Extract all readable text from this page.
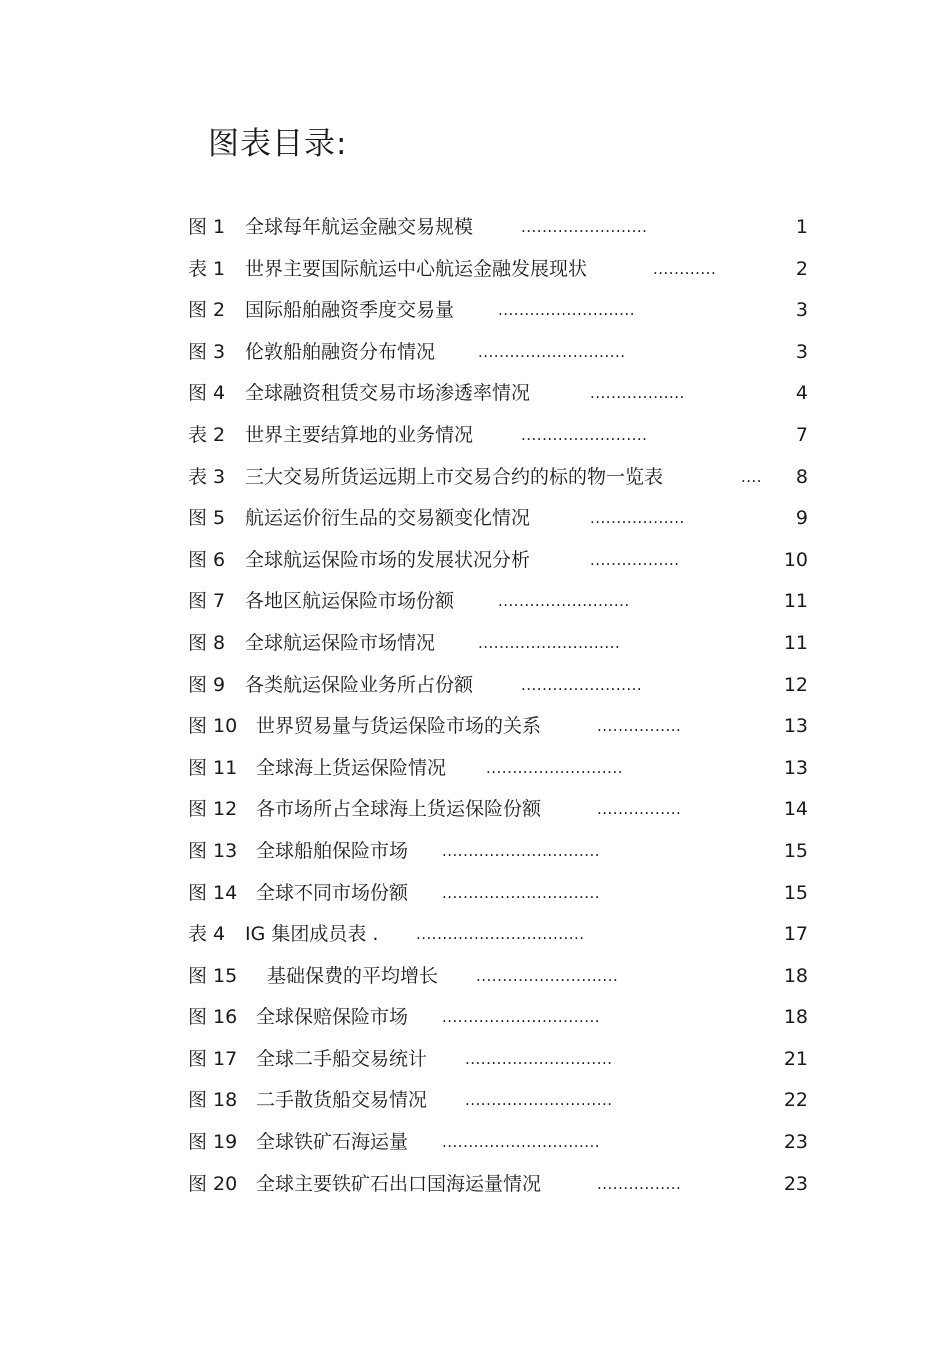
图表目录:
图 1 全球每年航运金融交易规模	........................	1
表 1 世界主要国际航运中心航运金融发展现状	............	2
图 2 国际船舶融资季度交易量	..........................	3
图 3 伦敦船舶融资分布情况	............................	3
图 4 全球融资租赁交易市场渗透率情况	..................	4
表 2 世界主要结算地的业务情况	........................	7
表 3 三大交易所货运远期上市交易合约的标的物一览表	.... 8
图 5 航运运价衍生品的交易额变化情况	..................	9
图 6 全球航运保险市场的发展状况分析	.................	10
图 7 各地区航运保险市场份额	.........................	11
图 8 全球航运保险市场情况	...........................	11
图 9 各类航运保险业务所占份额	.......................	12
图 10 世界贸易量与货运保险市场的关系	................	13
图 11 全球海上货运保险情况	..........................	13
图 12 各市场所占全球海上货运保险份额	................	14
图 13 全球船舶保险市场 ..............................	15
图 14 全球不同市场份额 ..............................	15
表 4 IG 集团成员表 .	................................	17
图 15 基础保费的平均增长	...........................	18
图 16 全球保赔保险市场 ..............................	18
图 17 全球二手船交易统计	............................	21
图 18 二手散货船交易情况	............................	22
图 19 全球铁矿石海运量 ..............................	23
图 20 全球主要铁矿石出口国海运量情况	................	23
